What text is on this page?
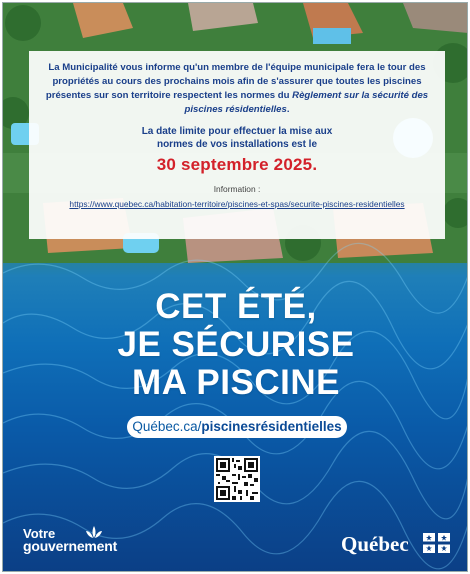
La Municipalité vous informe qu'un membre de l'équipe municipale fera le tour des propriétés au cours des prochains mois afin de s'assurer que toutes les piscines présentes sur son territoire respectent les normes du Règlement sur la sécurité des piscines résidentielles.

La date limite pour effectuer la mise aux
normes de vos installations est le

30 septembre 2025.

Information :

https://www.quebec.ca/habitation-territoire/piscines-et-spas/securite-piscines-residentielles
CET ÉTÉ,
JE SÉCURISE
MA PISCINE
Québec.ca/piscinesrésidentielles
Votre
gouvernement	Québec
